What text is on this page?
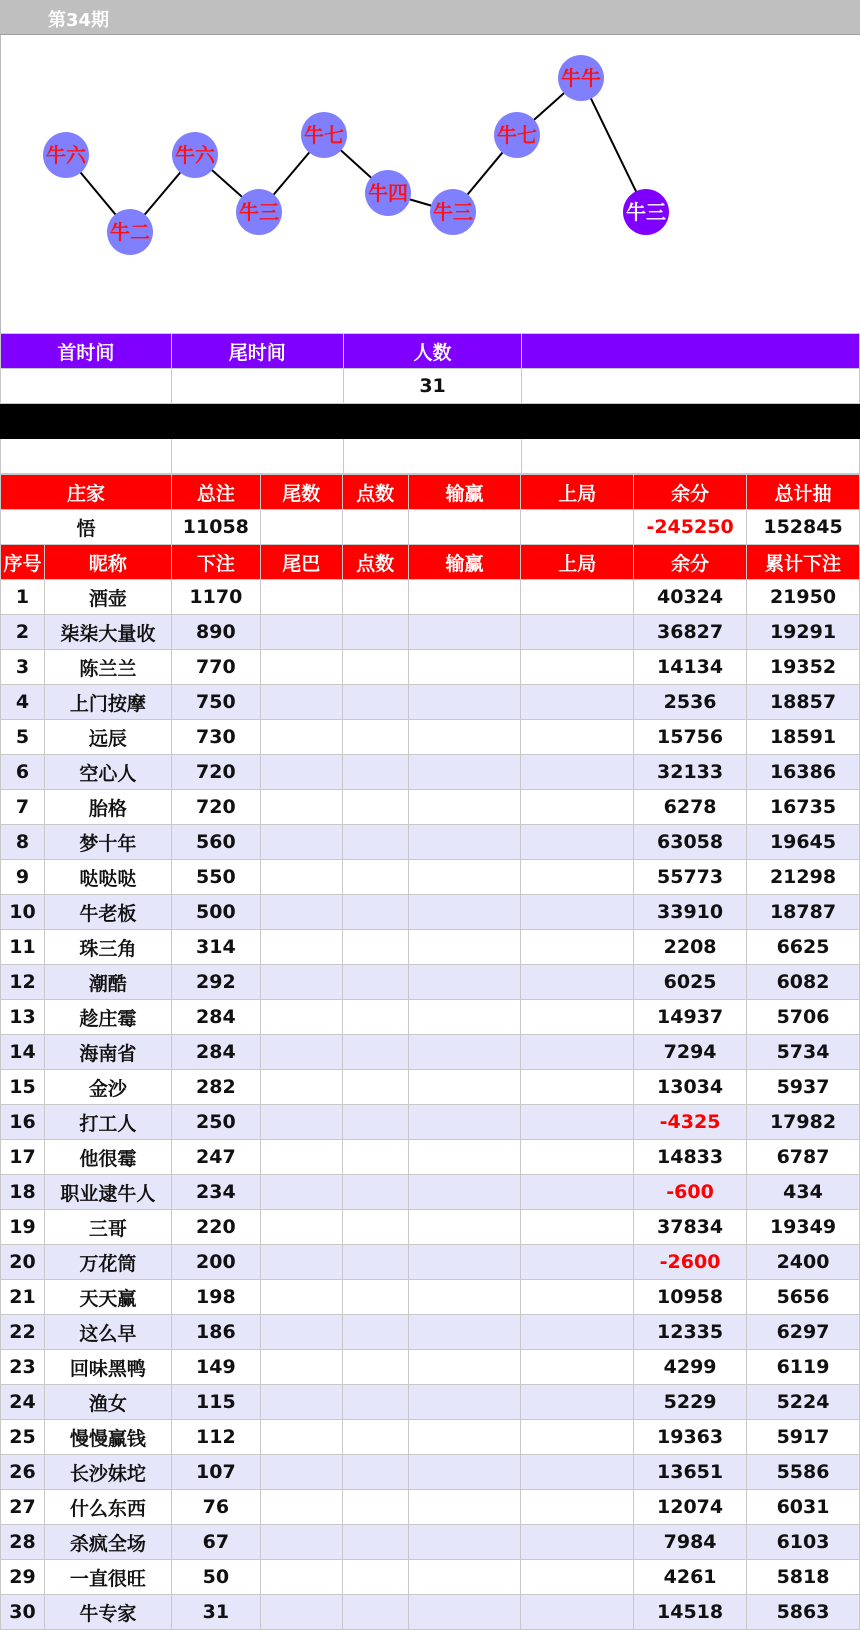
第34期
牛六
牛二
牛六
牛三
牛七
牛四
牛三
牛七
牛牛
牛三
首时间	尾时间	人数	
		31	

庄家		总注	尾数	点数	输赢	上局	余分	总计抽
悟		11058					-245250	152845
序号	昵称	下注	尾巴	点数	输赢	上局	余分	累计下注
1	酒壶	1170					40324	21950
2	柒柒大量收	890					36827	19291
3	陈兰兰	770					14134	19352
4	上门按摩	750					2536	18857
5	远辰	730					15756	18591
6	空心人	720					32133	16386
7	胎格	720					6278	16735
8	梦十年	560					63058	19645
9	哒哒哒	550					55773	21298
10	牛老板	500					33910	18787
11	珠三角	314					2208	6625
12	潮酷	292					6025	6082
13	趁庄霉	284					14937	5706
14	海南省	284					7294	5734
15	金沙	282					13034	5937
16	打工人	250					-4325	17982
17	他很霉	247					14833	6787
18	职业逮牛人	234					-600	434
19	三哥	220					37834	19349
20	万花筒	200					-2600	2400
21	天天赢	198					10958	5656
22	这么早	186					12335	6297
23	回味黑鸭	149					4299	6119
24	渔女	115					5229	5224
25	慢慢赢钱	112					19363	5917
26	长沙妹坨	107					13651	5586
27	什么东西	76					12074	6031
28	杀疯全场	67					7984	6103
29	一直很旺	50					4261	5818
30	牛专家	31					14518	5863
